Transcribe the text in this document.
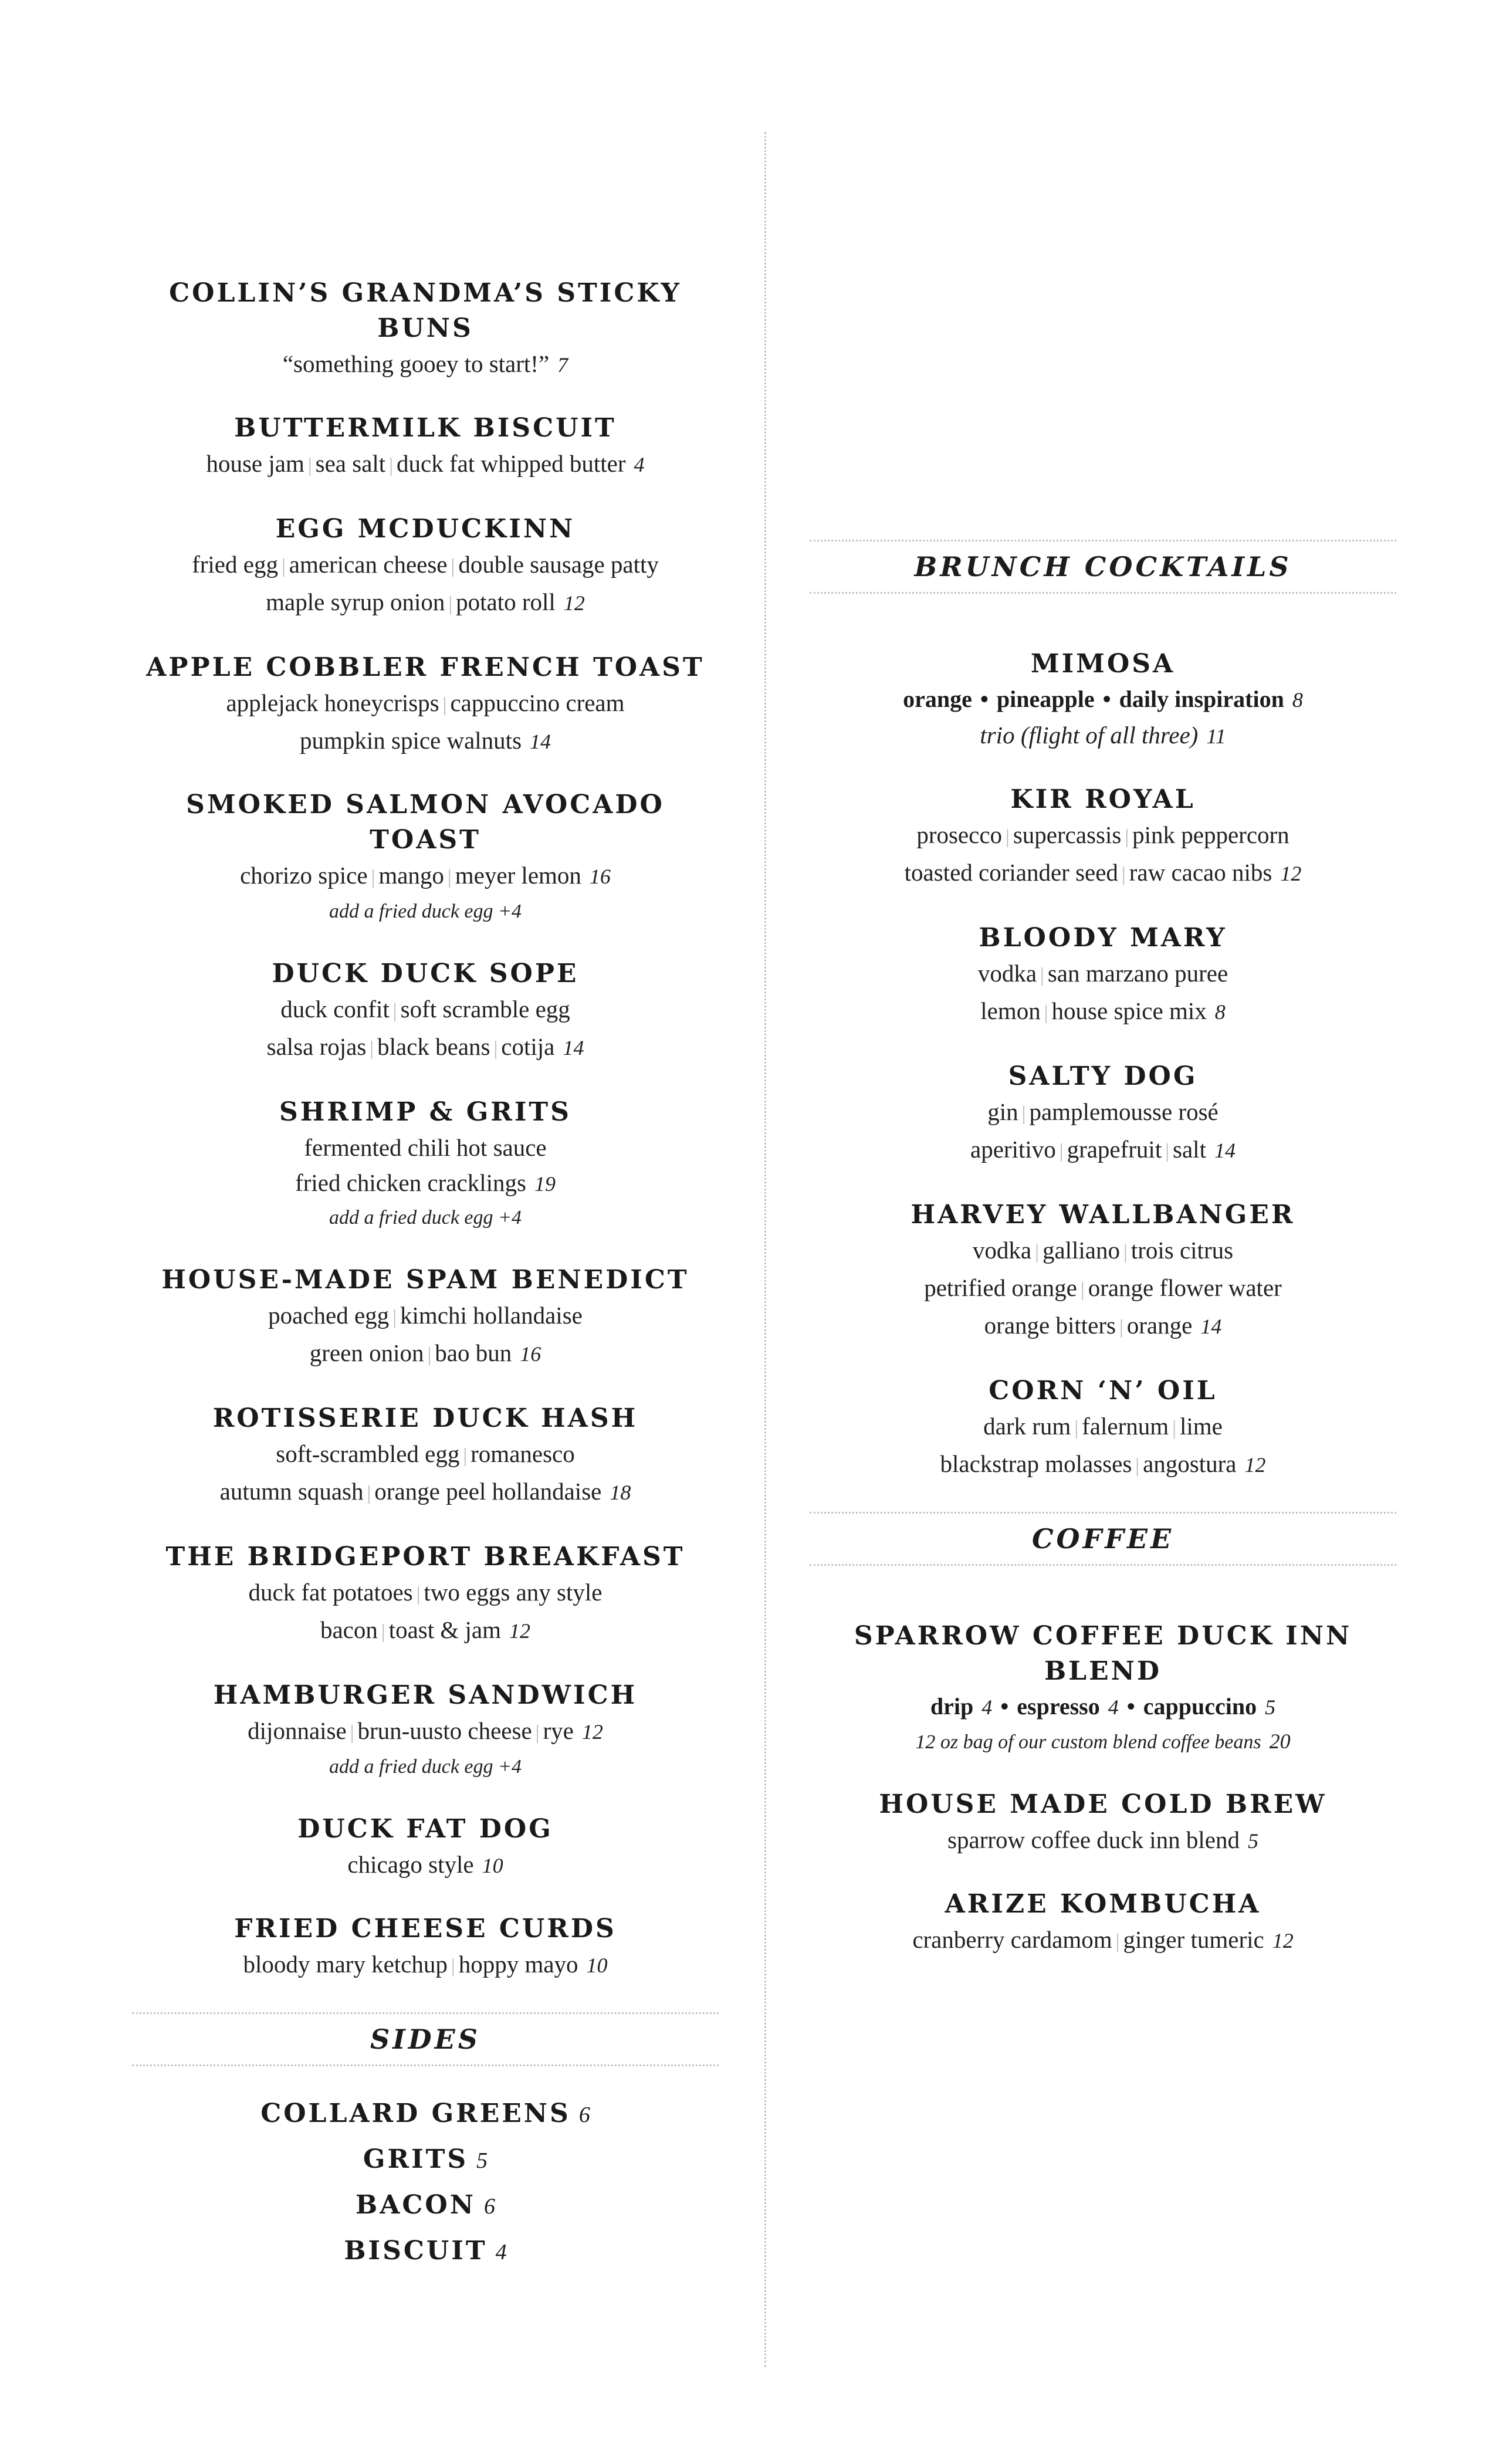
COLLIN’S GRANDMA’S STICKY BUNS
“something gooey to start!” 7
BUTTERMILK BISCUIT
house jam | sea salt | duck fat whipped butter 4
EGG MCDUCKINN
fried egg | american cheese | double sausage patty
maple syrup onion | potato roll 12
APPLE COBBLER FRENCH TOAST
applejack honeycrisps | cappuccino cream
pumpkin spice walnuts 14
SMOKED SALMON AVOCADO TOAST
chorizo spice | mango | meyer lemon 16
add a fried duck egg +4
DUCK DUCK SOPE
duck confit | soft scramble egg
salsa rojas | black beans | cotija 14
SHRIMP & GRITS
fermented chili hot sauce
fried chicken cracklings 19
add a fried duck egg +4
HOUSE-MADE SPAM BENEDICT
poached egg | kimchi hollandaise
green onion | bao bun 16
ROTISSERIE DUCK HASH
soft-scrambled egg | romanesco
autumn squash | orange peel hollandaise 18
THE BRIDGEPORT BREAKFAST
duck fat potatoes | two eggs any style
bacon | toast & jam 12
HAMBURGER SANDWICH
dijonnaise | brun-uusto cheese | rye 12
add a fried duck egg +4
DUCK FAT DOG
chicago style 10
FRIED CHEESE CURDS
bloody mary ketchup | hoppy mayo 10
SIDES
COLLARD GREENS 6
GRITS 5
BACON 6
BISCUIT 4
BRUNCH COCKTAILS
MIMOSA
orange • pineapple • daily inspiration 8
trio (flight of all three) 11
KIR ROYAL
prosecco | supercassis | pink peppercorn
toasted coriander seed | raw cacao nibs 12
BLOODY MARY
vodka | san marzano puree
lemon | house spice mix 8
SALTY DOG
gin | pamplemousse rosé
aperitivo | grapefruit | salt 14
HARVEY WALLBANGER
vodka | galliano | trois citrus
petrified orange | orange flower water
orange bitters | orange 14
CORN ‘N’ OIL
dark rum | falernum | lime
blackstrap molasses | angostura 12
COFFEE
SPARROW COFFEE DUCK INN BLEND
drip 4 • espresso 4 • cappuccino 5
12 oz bag of our custom blend coffee beans 20
HOUSE MADE COLD BREW
sparrow coffee duck inn blend 5
ARIZE KOMBUCHA
cranberry cardamom | ginger tumeric 12
